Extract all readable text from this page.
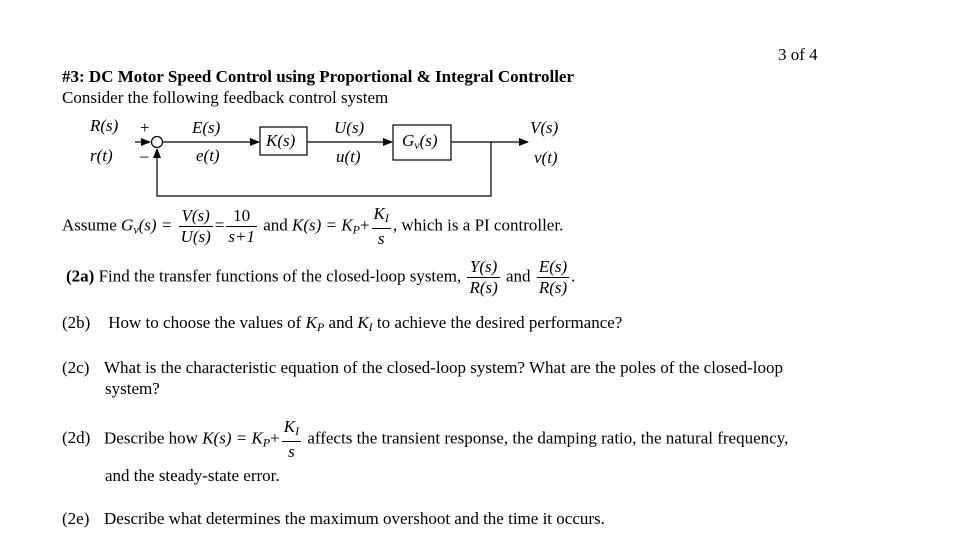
3 of 4
#3: DC Motor Speed Control using Proportional & Integral Controller
Consider the following feedback control system
R(s)
r(t)
+
–
E(s)
e(t)
K(s)
U(s)
u(t)
$G_v(s)$
V(s)
v(t)
Assume $G_v(s) = \frac{V(s)}{U(s)} = \frac{10}{s+1}$ and $K(s) = K_P+ \frac{K_I}{s}$ , which is a PI controller.
(2a) Find the transfer functions of the closed-loop system, $\frac{Y(s)}{R(s)}$ and $\frac{E(s)}{R(s)}$ .
(2b) How to choose the values of $K_P$ and $K_I$ to achieve the desired performance?
(2c) What is the characteristic equation of the closed-loop system? What are the poles of the closed-loop
system?
(2d) Describe how $K(s) = K_P+ \frac{K_I}{s}$ affects the transient response, the damping ratio, the natural frequency,
and the steady-state error.
(2e) Describe what determines the maximum overshoot and the time it occurs.
